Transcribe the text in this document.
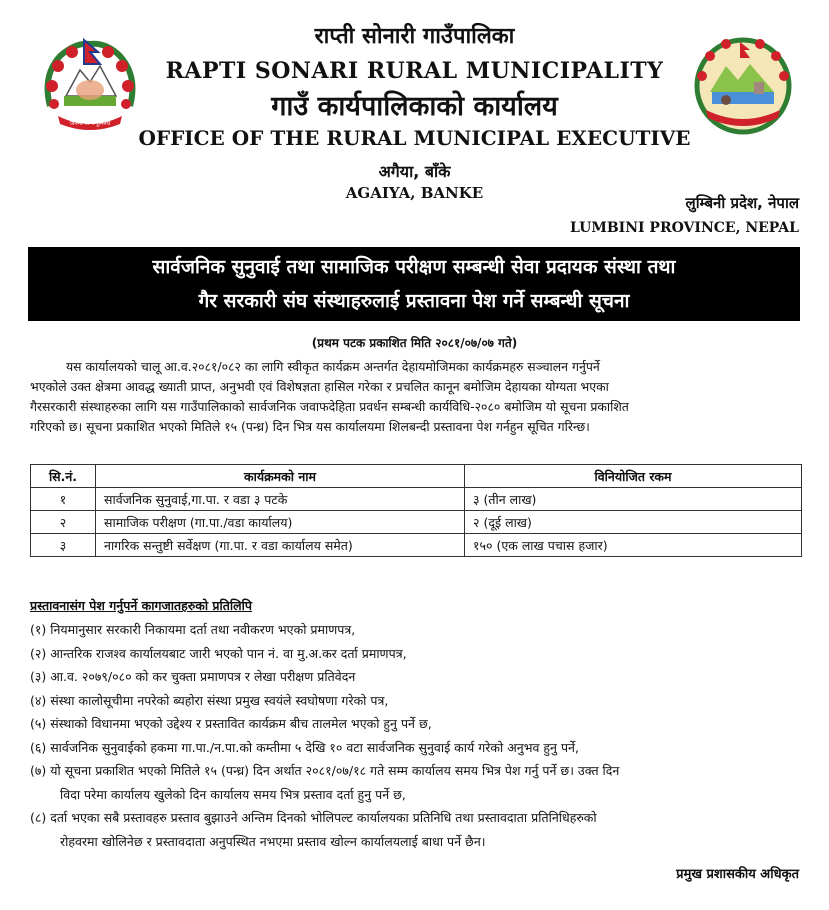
जननी जन्मभूमिश्च
राप्ती सोनारी गाउँपालिका
RAPTI SONARI RURAL MUNICIPALITY
गाउँ कार्यपालिकाको कार्यालय
OFFICE OF THE RURAL MUNICIPAL EXECUTIVE
अगैया, बाँके
AGAIYA, BANKE
लुम्बिनी प्रदेश, नेपाल
LUMBINI PROVINCE, NEPAL
सार्वजनिक सुनुवाई तथा सामाजिक परीक्षण सम्बन्धी सेवा प्रदायक संस्था तथा
गैर सरकारी संघ संस्थाहरुलाई प्रस्तावना पेश गर्ने सम्बन्धी सूचना
(प्रथम पटक प्रकाशित मिति २०८१/०७/०७ गते)
यस कार्यालयको चालू आ.व.२०८१/०८२ का लागि स्वीकृत कार्यक्रम अन्तर्गत देहायमोजिमका कार्यक्रमहरु सञ्चालन गर्नुपर्ने
भएकोले उक्त क्षेत्रमा आवद्ध ख्याती प्राप्त, अनुभवी एवं विशेषज्ञता हासिल गरेका र प्रचलित कानून बमोजिम देहायका योग्यता भएका
गैरसरकारी संस्थाहरुका लागि यस गाउँपालिकाको सार्वजनिक जवाफदेहिता प्रवर्धन सम्बन्धी कार्यविधि-२०८० बमोजिम यो सूचना प्रकाशित
गरिएको छ। सूचना प्रकाशित भएको मितिले १५ (पन्ध्र) दिन भित्र यस कार्यालयमा शिलबन्दी प्रस्तावना पेश गर्नहुन सूचित गरिन्छ।
सि.नं.	कार्यक्रमको नाम	विनियोजित रकम
१	सार्वजनिक सुनुवाई,गा.पा. र वडा ३ पटके	३ (तीन लाख)
२	सामाजिक परीक्षण (गा.पा./वडा कार्यालय)	२ (दूई लाख)
३	नागरिक सन्तुष्टी सर्वेक्षण (गा.पा. र वडा कार्यालय समेत)	१५० (एक लाख पचास हजार)
प्रस्तावनासंग पेश गर्नुपर्ने कागजातहरुको प्रतिलिपि
(१) नियमानुसार सरकारी निकायमा दर्ता तथा नवीकरण भएको प्रमाणपत्र,
(२) आन्तरिक राजश्व कार्यालयबाट जारी भएको पान नं. वा मु.अ.कर दर्ता प्रमाणपत्र,
(३) आ.व. २०७९/०८० को कर चुक्ता प्रमाणपत्र र लेखा परीक्षण प्रतिवेदन
(४) संस्था कालोसूचीमा नपरेको ब्यहोरा संस्था प्रमुख स्वयंले स्वघोषणा गरेको पत्र,
(५) संस्थाको विधानमा भएको उद्देश्य र प्रस्तावित कार्यक्रम बीच तालमेल भएको हुनु पर्ने छ,
(६) सार्वजनिक सुनुवाईको हकमा गा.पा./न.पा.को कम्तीमा ५ देखि १० वटा सार्वजनिक सुनुवाई कार्य गरेको अनुभव हुनु पर्ने,
(७) यो सूचना प्रकाशित भएको मितिले १५ (पन्ध्र) दिन अर्थात २०८१/०७/१८ गते सम्म कार्यालय समय भित्र पेश गर्नु पर्ने छ। उक्त दिन
विदा परेमा कार्यालय खुलेको दिन कार्यालय समय भित्र प्रस्ताव दर्ता हुनु पर्ने छ,
(८) दर्ता भएका सबै प्रस्तावहरु प्रस्ताव बुझाउने अन्तिम दिनको भोलिपल्ट कार्यालयका प्रतिनिधि तथा प्रस्तावदाता प्रतिनिधिहरुको
रोहवरमा खोलिनेछ र प्रस्तावदाता अनुपस्थित नभएमा प्रस्ताव खोल्न कार्यालयलाई बाधा पर्ने छैन।
प्रमुख प्रशासकीय अधिकृत
